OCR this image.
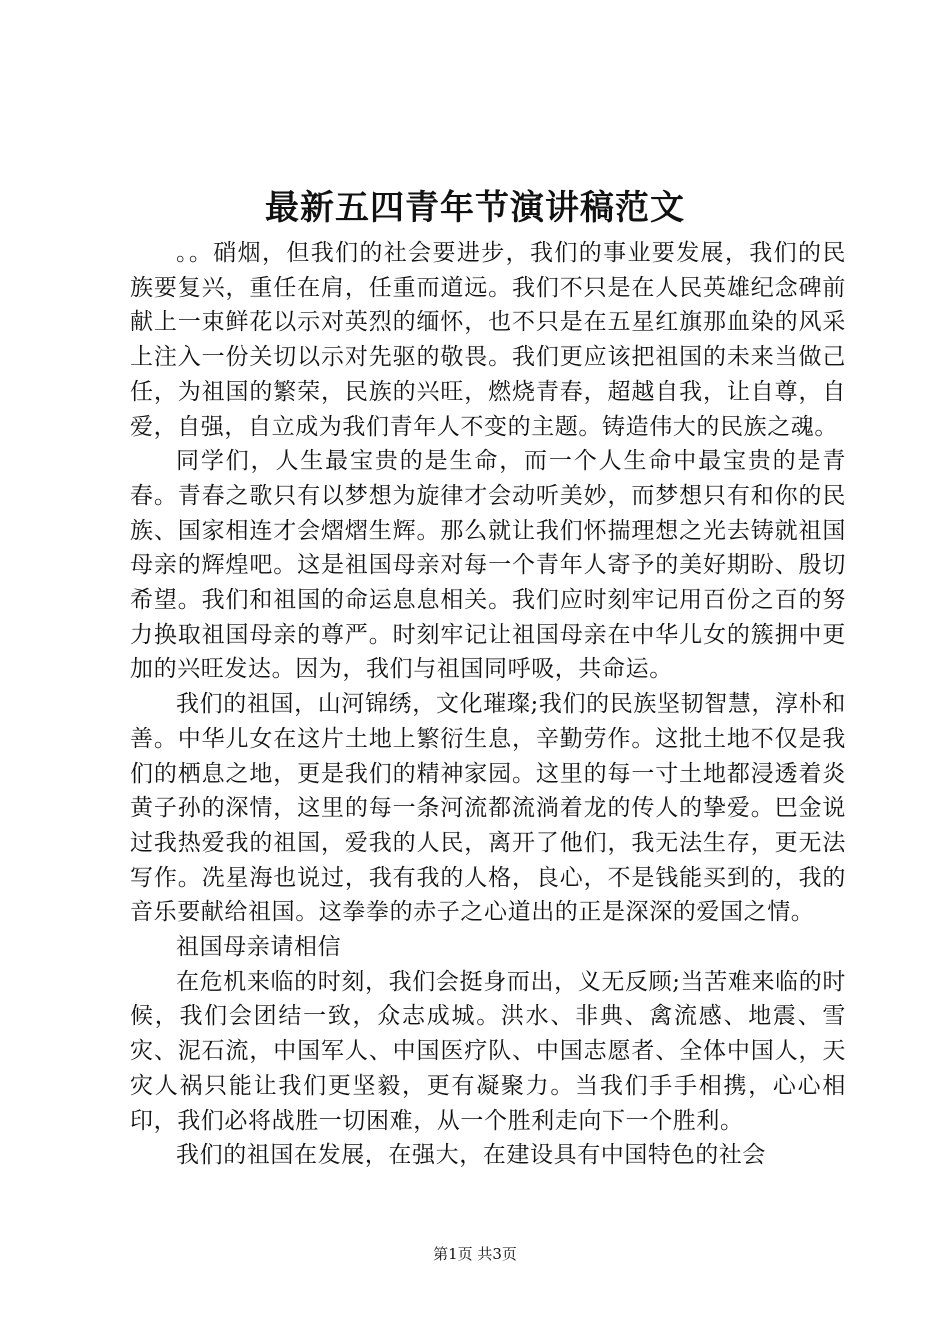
最新五四青年节演讲稿范文

。。硝烟，但我们的社会要进步，我们的事业要发展，我们的民族要复兴，重任在肩，任重而道远。我们不只是在人民英雄纪念碑前献上一束鲜花以示对英烈的缅怀，也不只是在五星红旗那血染的风采上注入一份关切以示对先驱的敬畏。我们更应该把祖国的未来当做己任，为祖国的繁荣，民族的兴旺，燃烧青春，超越自我，让自尊，自爱，自强，自立成为我们青年人不变的主题。铸造伟大的民族之魂。

同学们，人生最宝贵的是生命，而一个人生命中最宝贵的是青春。青春之歌只有以梦想为旋律才会动听美妙，而梦想只有和你的民族、国家相连才会熠熠生辉。那么就让我们怀揣理想之光去铸就祖国母亲的辉煌吧。这是祖国母亲对每一个青年人寄予的美好期盼、殷切希望。我们和祖国的命运息息相关。我们应时刻牢记用百份之百的努力换取祖国母亲的尊严。时刻牢记让祖国母亲在中华儿女的簇拥中更加的兴旺发达。因为，我们与祖国同呼吸，共命运。

我们的祖国，山河锦绣，文化璀璨;我们的民族坚韧智慧，淳朴和善。中华儿女在这片土地上繁衍生息，辛勤劳作。这批土地不仅是我们的栖息之地，更是我们的精神家园。这里的每一寸土地都浸透着炎黄子孙的深情，这里的每一条河流都流淌着龙的传人的挚爱。巴金说过我热爱我的祖国，爱我的人民，离开了他们，我无法生存，更无法写作。冼星海也说过，我有我的人格，良心，不是钱能买到的，我的音乐要献给祖国。这拳拳的赤子之心道出的正是深深的爱国之情。

祖国母亲请相信

在危机来临的时刻，我们会挺身而出，义无反顾;当苦难来临的时候，我们会团结一致，众志成城。洪水、非典、禽流感、地震、雪灾、泥石流，中国军人、中国医疗队、中国志愿者、全体中国人，天灾人祸只能让我们更坚毅，更有凝聚力。当我们手手相携，心心相印，我们必将战胜一切困难，从一个胜利走向下一个胜利。

我们的祖国在发展，在强大，在建设具有中国特色的社会

第1页 共3页
